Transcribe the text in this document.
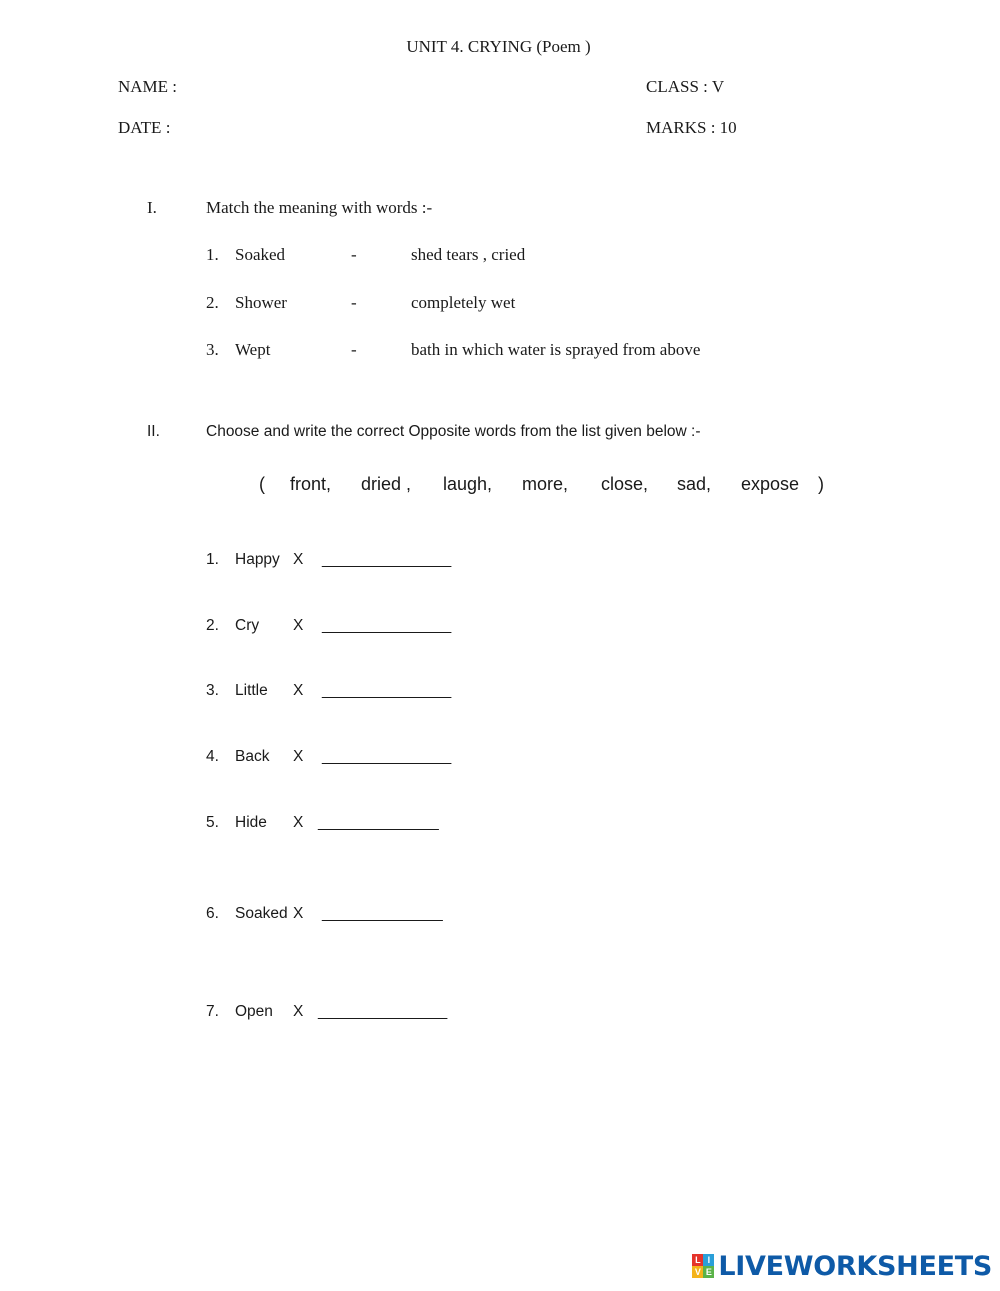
UNIT 4. CRYING (Poem )
NAME :	CLASS : V
DATE :	MARKS : 10
I.	Match the meaning with words :-
1. Soaked	-	shed tears , cried
2. Shower	-	completely wet
3. Wept	-	bath in which water is sprayed from above
II.	Choose and write the correct Opposite words from the list given below :-
( front, dried , laugh, more, close, sad, expose )
1. Happy X _______________
2. Cry X _______________
3. Little X _______________
4. Back X _______________
5. Hide X ______________
6. Soaked X ______________
7. Open X _______________
L I
V E LIVEWORKSHEETS
